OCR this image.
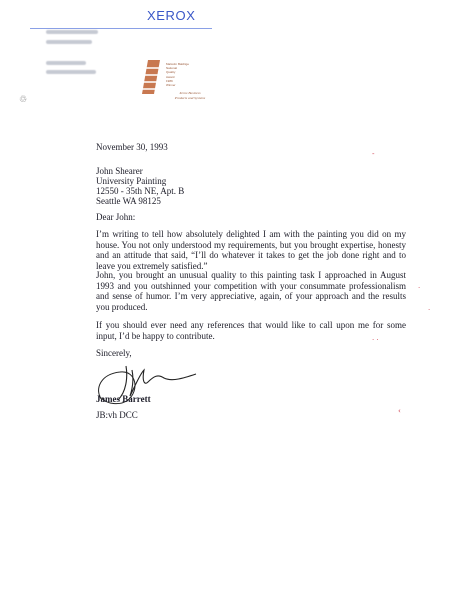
XEROX
♲
Malcolm Baldrige
National
Quality
Award
1989
Winner
Xerox Business
Products and Systems
November 30, 1993
John Shearer
University Painting
12550 - 35th NE, Apt. B
Seattle WA 98125
Dear John:
I’m writing to tell how absolutely delighted I am with the painting you did on my house. You not only understood my requirements, but you brought expertise, honesty and an attitude that said, “I’ll do whatever it takes to get the job done right and to leave you extremely satisfied.”
John, you brought an unusual quality to this painting task I approached in August 1993 and you outshinned your competition with your consummate professionalism and sense of humor. I’m very appreciative, again, of your approach and the results you produced.
If you should ever need any references that would like to call upon me for some input, I’d be happy to contribute.
Sincerely,
James Barrett
JB:vh DCC
‐
·
·
· ·
‹
